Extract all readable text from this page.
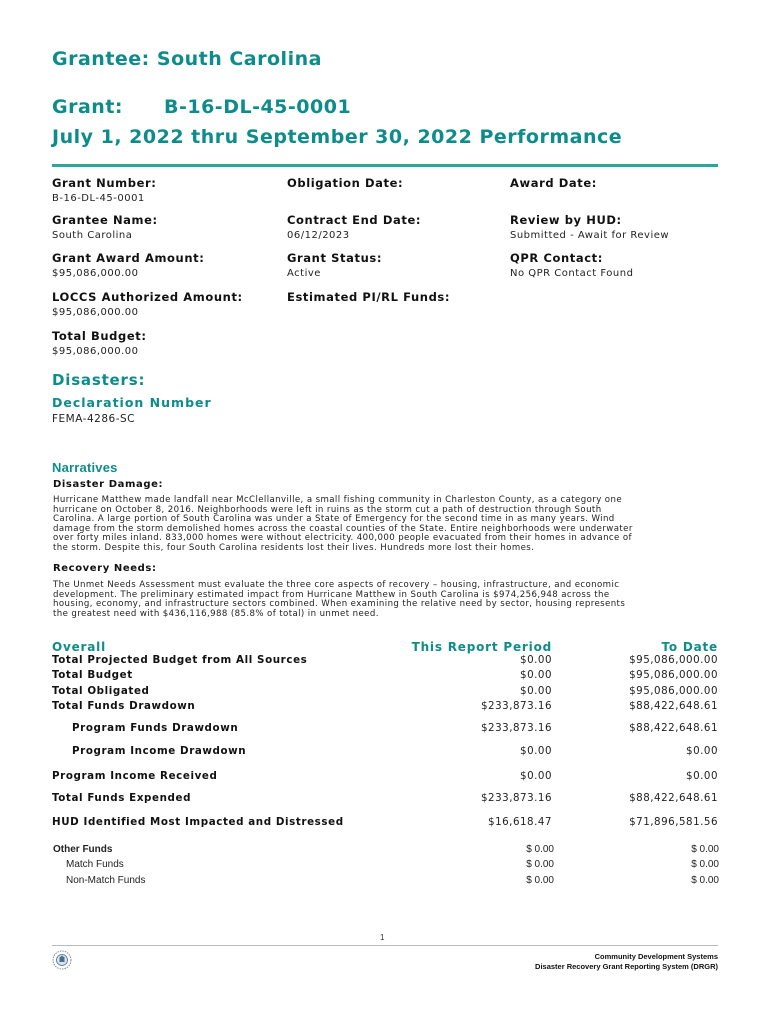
Grantee: South Carolina
Grant: B-16-DL-45-0001
July 1, 2022 thru September 30, 2022 Performance
Grant Number:
B-16-DL-45-0001
Obligation Date:	Award Date:
Grantee Name:
South Carolina
Contract End Date:
06/12/2023
Review by HUD:
Submitted - Await for Review
Grant Award Amount:
$95,086,000.00
Grant Status:
Active
QPR Contact:
No QPR Contact Found
LOCCS Authorized Amount:
$95,086,000.00
Estimated PI/RL Funds:
Total Budget:
$95,086,000.00
Disasters:
Declaration Number
FEMA-4286-SC
Narratives
Disaster Damage:
Hurricane Matthew made landfall near McClellanville, a small fishing community in Charleston County, as a category one
hurricane on October 8, 2016. Neighborhoods were left in ruins as the storm cut a path of destruction through South
Carolina. A large portion of South Carolina was under a State of Emergency for the second time in as many years. Wind
damage from the storm demolished homes across the coastal counties of the State. Entire neighborhoods were underwater
over forty miles inland. 833,000 homes were without electricity. 400,000 people evacuated from their homes in advance of
the storm. Despite this, four South Carolina residents lost their lives. Hundreds more lost their homes.
Recovery Needs:
The Unmet Needs Assessment must evaluate the three core aspects of recovery – housing, infrastructure, and economic
development. The preliminary estimated impact from Hurricane Matthew in South Carolina is $974,256,948 across the
housing, economy, and infrastructure sectors combined. When examining the relative need by sector, housing represents
the greatest need with $436,116,988 (85.8% of total) in unmet need.
Overall	This Report Period	To Date
Total Projected Budget from All Sources	$0.00	$95,086,000.00
Total Budget	$0.00	$95,086,000.00
Total Obligated	$0.00	$95,086,000.00
Total Funds Drawdown	$233,873.16	$88,422,648.61
Program Funds Drawdown	$233,873.16	$88,422,648.61
Program Income Drawdown	$0.00	$0.00
Program Income Received	$0.00	$0.00
Total Funds Expended	$233,873.16	$88,422,648.61
HUD Identified Most Impacted and Distressed	$16,618.47	$71,896,581.56
Other Funds	$ 0.00	$ 0.00
Match Funds	$ 0.00	$ 0.00
Non-Match Funds	$ 0.00	$ 0.00
1
Community Development Systems
Disaster Recovery Grant Reporting System (DRGR)
